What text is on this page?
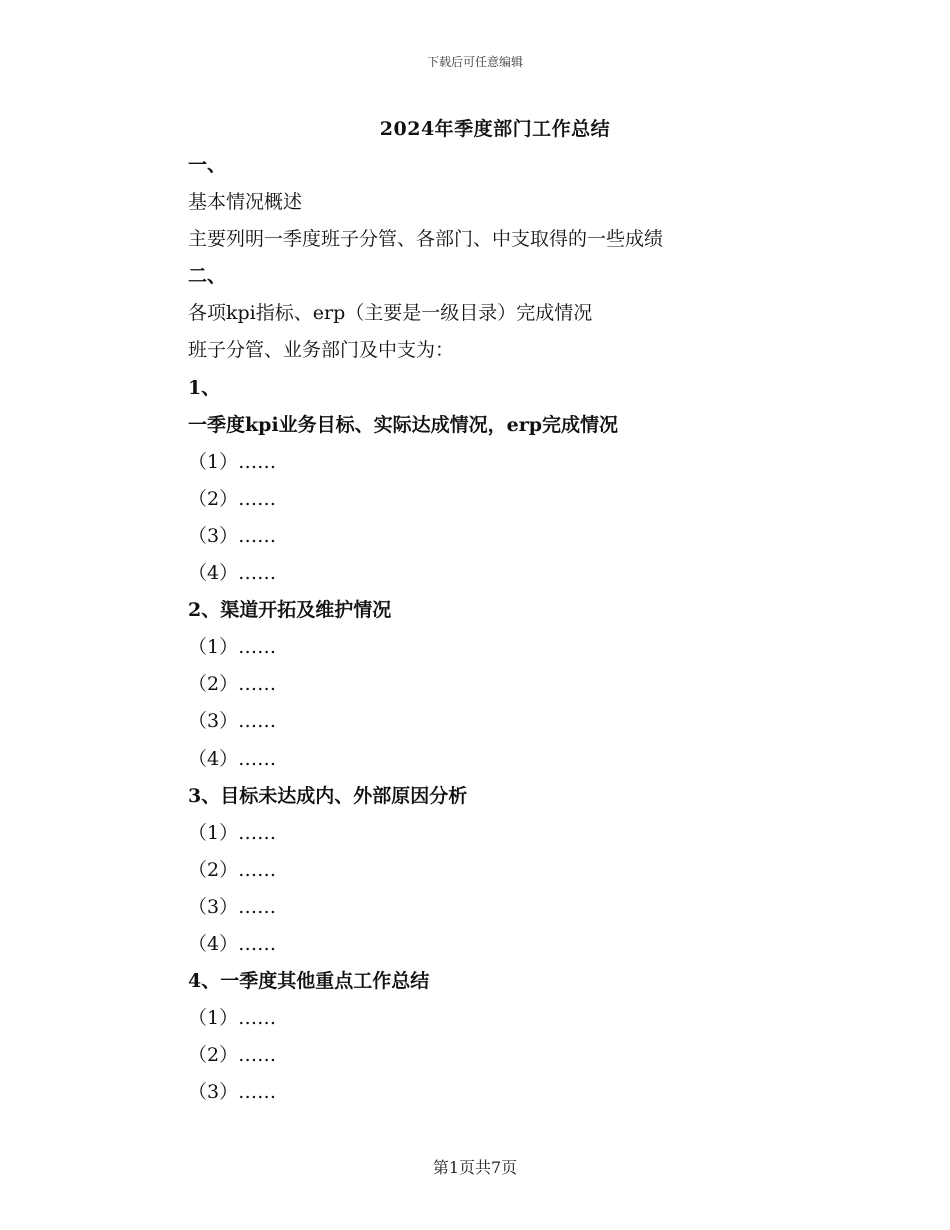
下载后可任意编辑
2024年季度部门工作总结
一、
基本情况概述
主要列明一季度班子分管、各部门、中支取得的一些成绩
二、
各项kpi指标、erp（主要是一级目录）完成情况
班子分管、业务部门及中支为：
1、
一季度kpi业务目标、实际达成情况，erp完成情况
（1）……
（2）……
（3）……
（4）……
2、渠道开拓及维护情况
（1）……
（2）……
（3）……
（4）……
3、目标未达成内、外部原因分析
（1）……
（2）……
（3）……
（4）……
4、一季度其他重点工作总结
（1）……
（2）……
（3）……
第1页共7页
